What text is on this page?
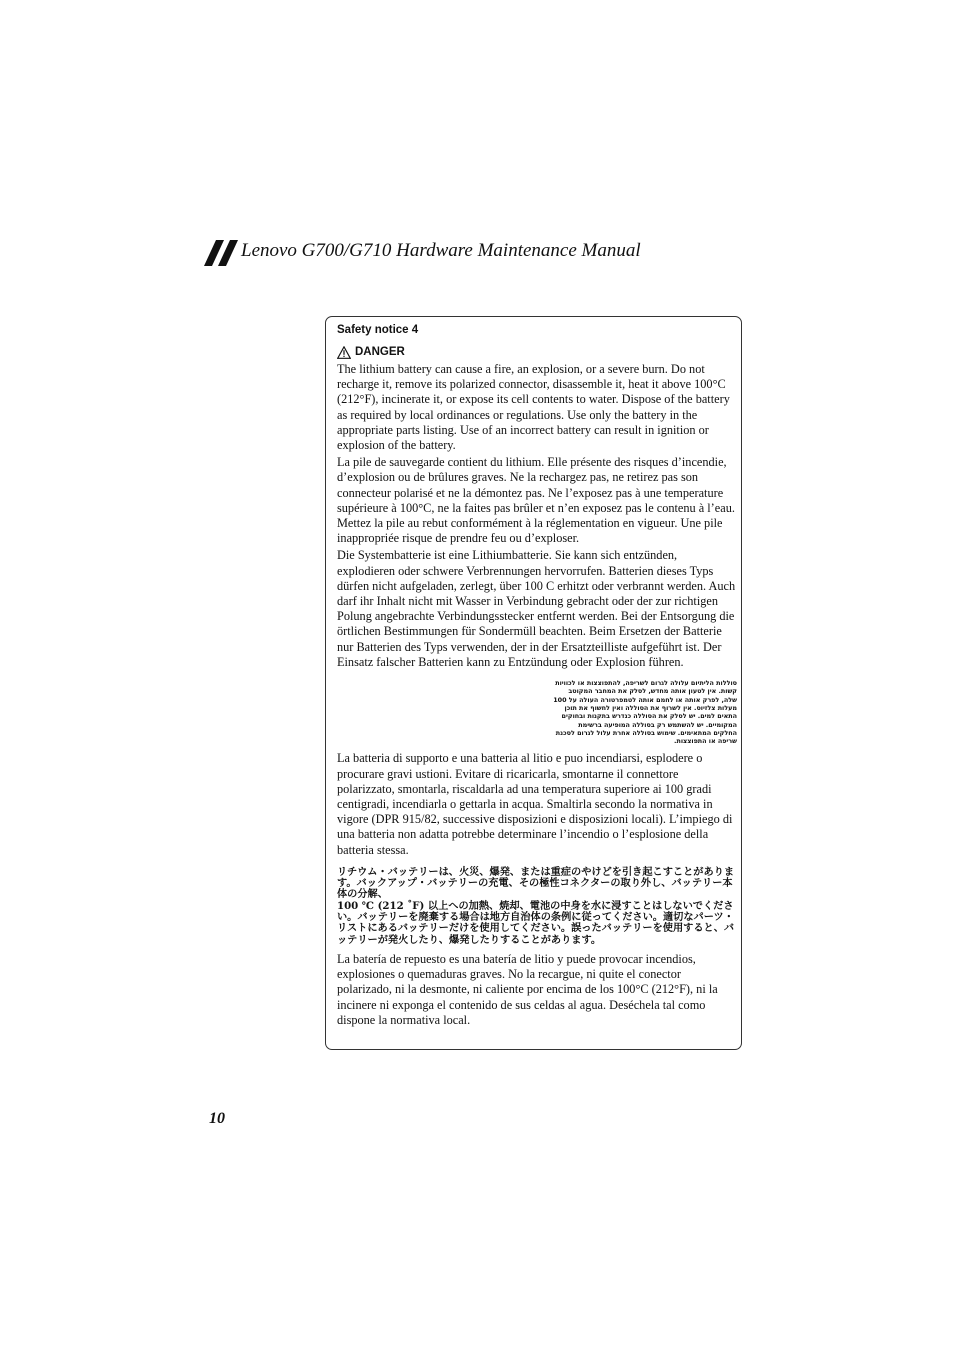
Lenovo G700/G710 Hardware Maintenance Manual
Safety notice 4
DANGER

The lithium battery can cause a fire, an explosion, or a severe burn. Do not recharge it, remove its polarized connector, disassemble it, heat it above 100°C (212°F), incinerate it, or expose its cell contents to water. Dispose of the battery as required by local ordinances or regulations. Use only the battery in the appropriate parts listing. Use of an incorrect battery can result in ignition or explosion of the battery.

La pile de sauvegarde contient du lithium. Elle présente des risques d’incendie, d’explosion ou de brûlures graves. Ne la rechargez pas, ne retirez pas son connecteur polarisé et ne la démontez pas. Ne l’exposez pas à une temperature supérieure à 100°C, ne la faites pas brûler et n’en exposez pas le contenu à l’eau. Mettez la pile au rebut conformément à la réglementation en vigueur. Une pile inappropriée risque de prendre feu ou d’exploser.

Die Systembatterie ist eine Lithiumbatterie. Sie kann sich entzünden, explodieren oder schwere Verbrennungen hervorrufen. Batterien dieses Typs dürfen nicht aufgeladen, zerlegt, über 100 C erhitzt oder verbrannt werden. Auch darf ihr Inhalt nicht mit Wasser in Verbindung gebracht oder der zur richtigen Polung angebrachte Verbindungsstecker entfernt werden. Bei der Entsorgung die örtlichen Bestimmungen für Sondermüll beachten. Beim Ersetzen der Batterie nur Batterien des Typs verwenden, der in der Ersatzteilliste aufgeführt ist. Der Einsatz falscher Batterien kann zu Entzündung oder Explosion führen.

סוללות הליתיום עלולה לגרום לשריפה, להתפוצצות או לכוויות קשות. אין לטעון אותה מחדש, לסלק את המחבר המקוטב שלה, לפרק אותה או לחמם אותה לטמפרטורה העולה על 100 מעלות צלזיוס. אין לשרוף את הסוללה ואין לחשוף את תוכן התאים למים. יש לסלק את הסוללה כנדרש בתקנות ובחוקים המקומיים. יש להשתמש רק בסוללה המופיעה ברשימת החלקים המתאימים. שימוש בסוללה אחרת עלול לגרום לסכנת שריפה או התפוצצות.

La batteria di supporto e una batteria al litio e puo incendiarsi, esplodere o procurare gravi ustioni. Evitare di ricaricarla, smontarne il connettore polarizzato, smontarla, riscaldarla ad una temperatura superiore ai 100 gradi centigradi, incendiarla o gettarla in acqua. Smaltirla secondo la normativa in vigore (DPR 915/82, successive disposizioni e disposizioni locali). L’impiego di una batteria non adatta potrebbe determinare l’incendio o l’esplosione della batteria stessa.

リチウム・バッテリーは、火災、爆発、または重症のやけどを引き起こすことがあります。バックアップ・バッテリーの充電、その極性コネクターの取り外し、バッテリー本体の分解、
100 ℃ (212 ˚F) 以上への加熱、焼却、電池の中身を水に浸すことはしないでください。バッテリーを廃棄する場合は地方自治体の条例に従ってください。適切なパーツ・リストにあるバッテリーだけを使用してください。誤ったバッテリーを使用すると、バッテリーが発火したり、爆発したりすることがあります。

La batería de repuesto es una batería de litio y puede provocar incendios, explosiones o quemaduras graves. No la recargue, ni quite el conector polarizado, ni la desmonte, ni caliente por encima de los 100°C (212°F), ni la incinere ni exponga el contenido de sus celdas al agua. Deséchela tal como dispone la normativa local.

10
